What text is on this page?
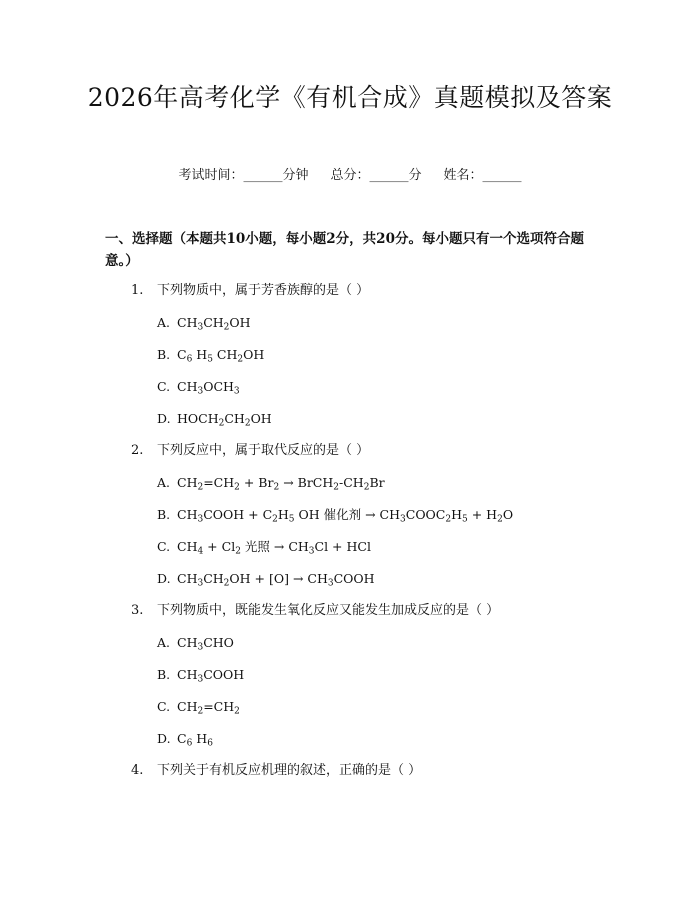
2026年高考化学《有机合成》真题模拟及答案
考试时间：______分钟 总分：______分 姓名：______
一、选择题（本题共10小题，每小题2分，共20分。每小题只有一个选项符合题意。）
1. 下列物质中，属于芳香族醇的是（ ）
A. $CH_3CH_2OH$
B. $C_6$ $H_5$ $CH_2OH$
C. $CH_3OCH_3$
D. $HOCH_2CH_2OH$
2. 下列反应中，属于取代反应的是（ ）
A. $CH_2=CH_2 + Br_2$ → $BrCH_2-CH_2Br$
B. $CH_3COOH + C_2H_5$ OH 催化剂 → $CH_3COOC_2H_5 + H_2O$
C. $CH_4 + Cl_2$ 光照 → $CH_3Cl$ + HCl
D. $CH_3CH_2OH + [O]$ → $CH_3COOH$
3. 下列物质中，既能发生氧化反应又能发生加成反应的是（ ）
A. $CH_3CHO$
B. $CH_3COOH$
C. $CH_2=CH_2$
D. $C_6$ $H_6$
4. 下列关于有机反应机理的叙述，正确的是（ ）
